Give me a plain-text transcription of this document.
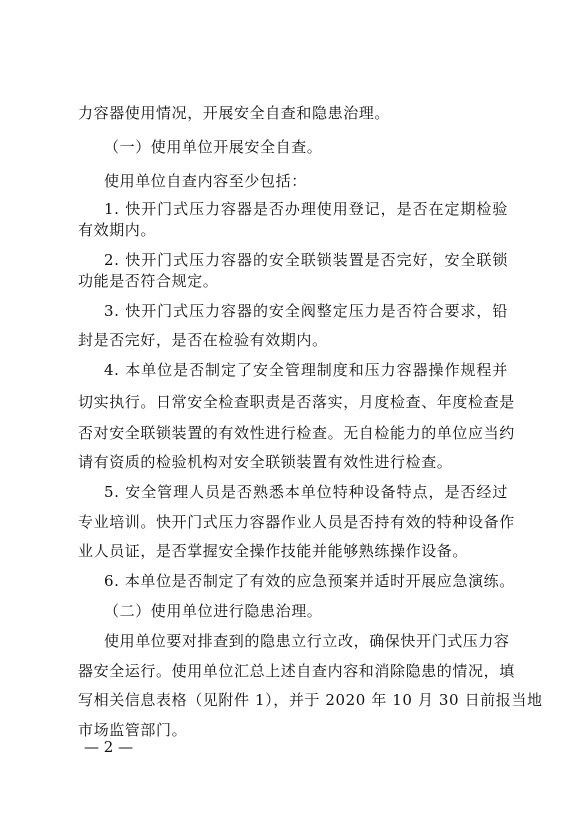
力容器使用情况，开展安全自查和隐患治理。
（一）使用单位开展安全自查。
使用单位自查内容至少包括：
1. 快开门式压力容器是否办理使用登记，是否在定期检验
有效期内。
2. 快开门式压力容器的安全联锁装置是否完好，安全联锁
功能是否符合规定。
3. 快开门式压力容器的安全阀整定压力是否符合要求，铅
封是否完好，是否在检验有效期内。
4. 本单位是否制定了安全管理制度和压力容器操作规程并
切实执行。日常安全检查职责是否落实，月度检查、年度检查是
否对安全联锁装置的有效性进行检查。无自检能力的单位应当约
请有资质的检验机构对安全联锁装置有效性进行检查。
5. 安全管理人员是否熟悉本单位特种设备特点，是否经过
专业培训。快开门式压力容器作业人员是否持有效的特种设备作
业人员证，是否掌握安全操作技能并能够熟练操作设备。
6. 本单位是否制定了有效的应急预案并适时开展应急演练。
（二）使用单位进行隐患治理。
使用单位要对排查到的隐患立行立改，确保快开门式压力容
器安全运行。使用单位汇总上述自查内容和消除隐患的情况，填
写相关信息表格（见附件 1），并于 2020 年 10 月 30 日前报当地
市场监管部门。
— 2 —
